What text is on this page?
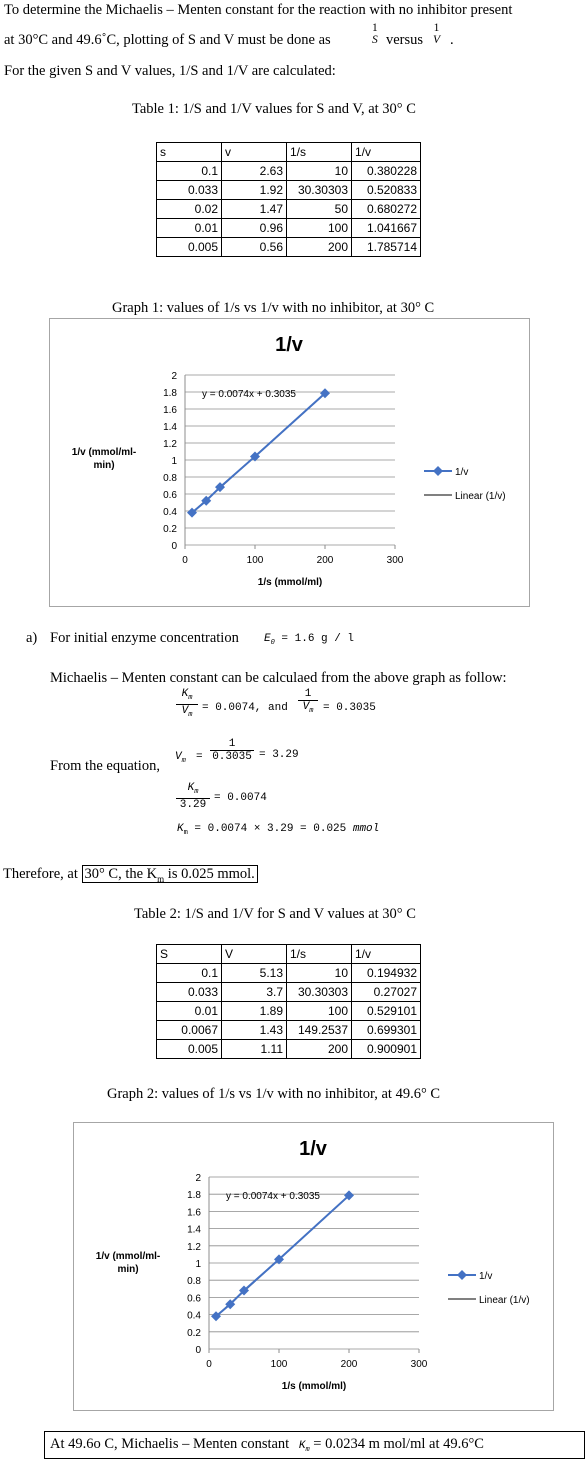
To determine the Michaelis – Menten constant for the reaction with no inhibitor present
at 30°C and 49.6˚C, plotting of S and V must be done as
1
S versus
1
V .
For the given S and V values, 1/S and 1/V are calculated:
Table 1: 1/S and 1/V values for S and V, at 30° C
s	v	1/s	1/v
0.1	2.63	10	0.380228
0.033	1.92	30.30303	0.520833
0.02	1.47	50	0.680272
0.01	0.96	100	1.041667
0.005	0.56	200	1.785714
Graph 1: values of 1/s vs 1/v with no inhibitor, at 30° C
1/v
0
0.2
0.4
0.6
0.8
1
1.2
1.4
1.6
1.8
2
0	100	200	300
1/s (mmol/ml)
1/v (mmol/ml-min)
y = 0.0074x + 0.3035
1/v
Linear (1/v)
a) For initial enzyme concentration $E_0 = 1.6$ g / l
Michaelis – Menten constant can be calculaed from the above graph as follow:
$\frac{K_m}{V_m} = 0.0074$, and $\frac{1}{V_m} = 0.3035$
From the equation,
$V_m = \frac{1}{0.3035} = 3.29$
$\frac{K_m}{3.29} = 0.0074$
$K_m = 0.0074 \times 3.29 = 0.025$ mmol
Therefore, at 30° C, the $K_m$ is 0.025 mmol.
Table 2: 1/S and 1/V for S and V values at 30° C
S	V	1/s	1/v
0.1	5.13	10	0.194932
0.033	3.7	30.30303	0.27027
0.01	1.89	100	0.529101
0.0067	1.43	149.2537	0.699301
0.005	1.11	200	0.900901
Graph 2: values of 1/s vs 1/v with no inhibitor, at 49.6° C
1/v
0
0.2
0.4
0.6
0.8
1
1.2
1.4
1.6
1.8
2
0	100	200	300
1/s (mmol/ml)
1/v (mmol/ml-min)
y = 0.0074x + 0.3035
1/v
Linear (1/v)
At 49.6o C, Michaelis – Menten constant $K_m = 0.0234$ m mol/ml at 49.6°C
